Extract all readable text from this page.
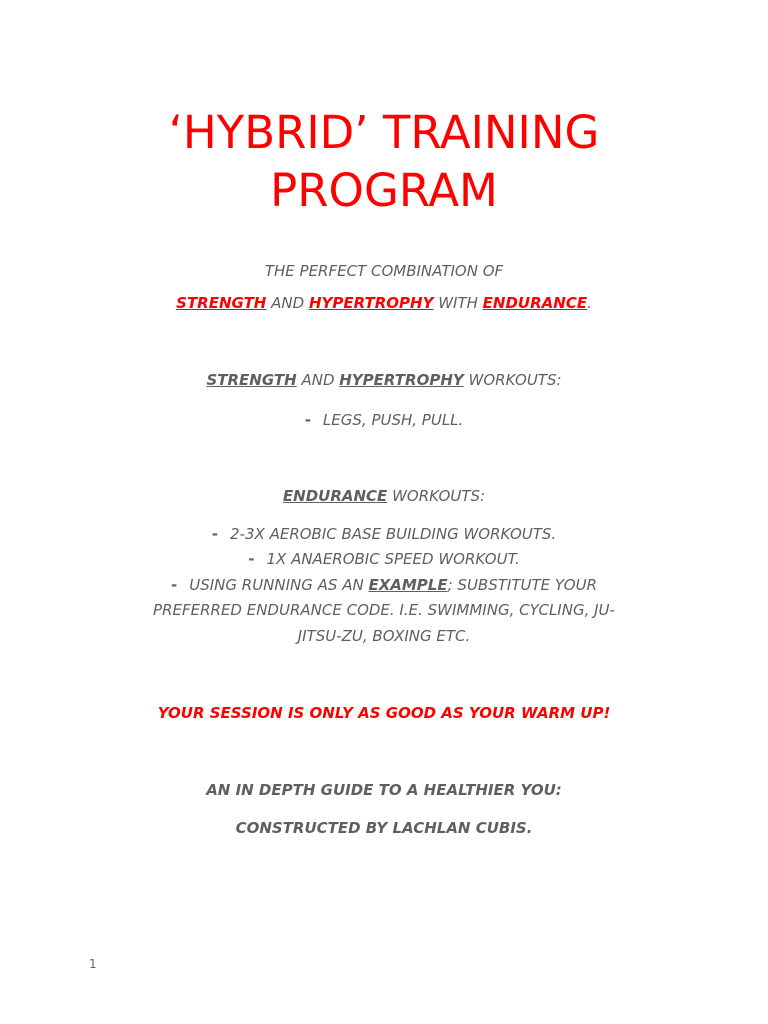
‘HYBRID’ TRAINING
PROGRAM
THE PERFECT COMBINATION OF
STRENGTH AND HYPERTROPHY WITH ENDURANCE.
STRENGTH AND HYPERTROPHY WORKOUTS:
- LEGS, PUSH, PULL.
ENDURANCE WORKOUTS:
- 2-3X AEROBIC BASE BUILDING WORKOUTS.
- 1X ANAEROBIC SPEED WORKOUT.
- USING RUNNING AS AN EXAMPLE; SUBSTITUTE YOUR
PREFERRED ENDURANCE CODE. I.E. SWIMMING, CYCLING, JU-
JITSU-ZU, BOXING ETC.
YOUR SESSION IS ONLY AS GOOD AS YOUR WARM UP!
AN IN DEPTH GUIDE TO A HEALTHIER YOU:
CONSTRUCTED BY LACHLAN CUBIS.
1
